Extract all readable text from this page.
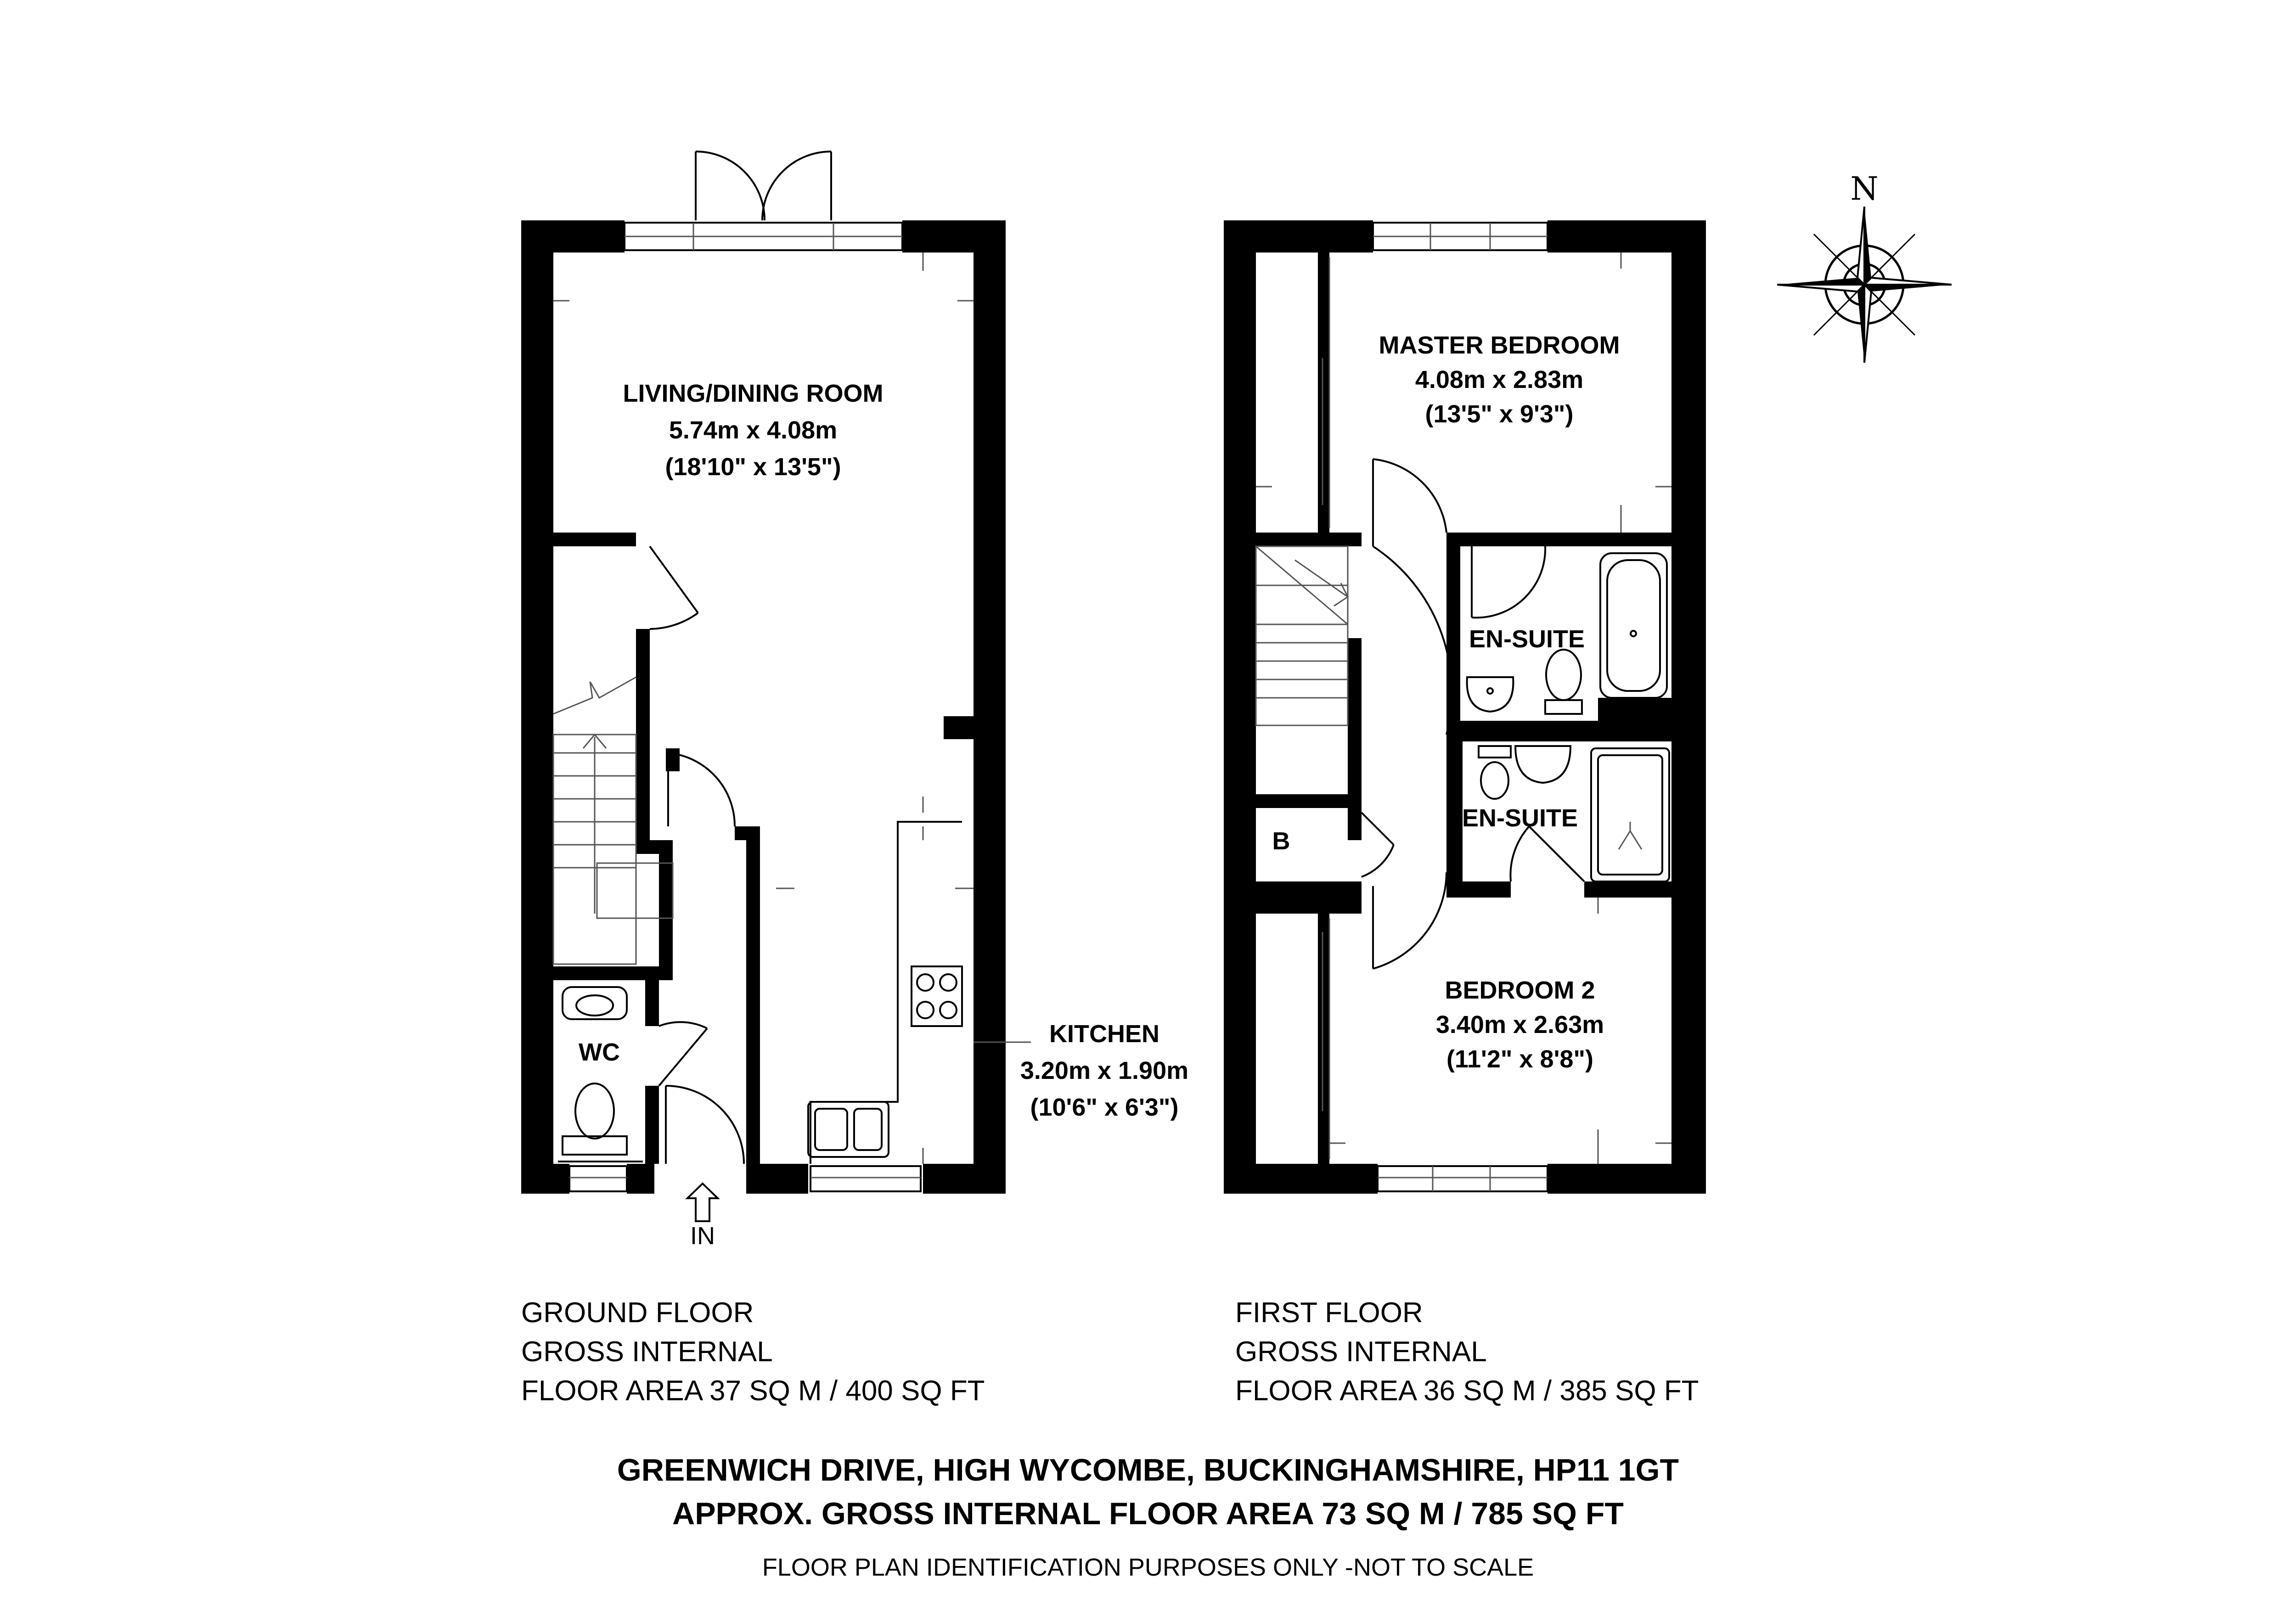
LIVING/DINING ROOM
5.74m x 4.08m
(18'10" x 13'5")
WC
KITCHEN
3.20m x 1.90m
(10'6" x 6'3")
IN
MASTER BEDROOM
4.08m x 2.83m
(13'5" x 9'3")
EN-SUITE
EN-SUITE
B
BEDROOM 2
3.40m x 2.63m
(11'2" x 8'8")
N
GROUND FLOOR
GROSS INTERNAL
FLOOR AREA 37 SQ M / 400 SQ FT
FIRST FLOOR
GROSS INTERNAL
FLOOR AREA 36 SQ M / 385 SQ FT
GREENWICH DRIVE, HIGH WYCOMBE, BUCKINGHAMSHIRE, HP11 1GT
APPROX. GROSS INTERNAL FLOOR AREA 73 SQ M / 785 SQ FT
FLOOR PLAN IDENTIFICATION PURPOSES ONLY -NOT TO SCALE
